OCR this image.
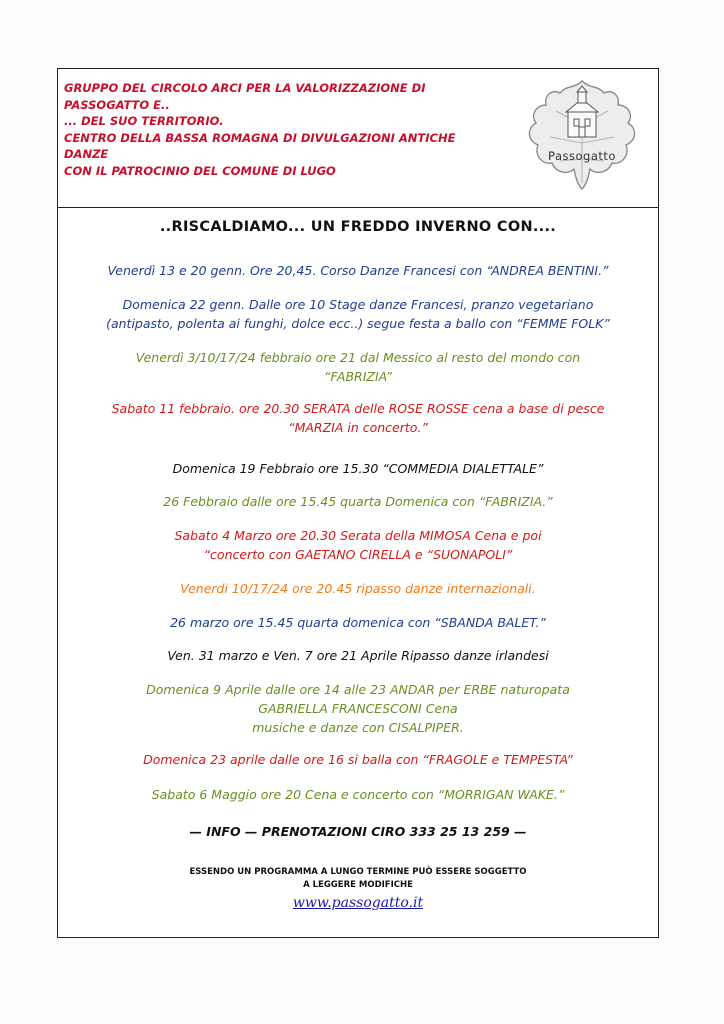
GRUPPO DEL CIRCOLO ARCI PER LA VALORIZZAZIONE DI
PASSOGATTO E..
... DEL SUO TERRITORIO.
CENTRO DELLA BASSA ROMAGNA DI DIVULGAZIONI ANTICHE
DANZE
CON IL PATROCINIO DEL COMUNE DI LUGO
Passogatto
..RISCALDIAMO... UN FREDDO INVERNO CON....
Venerdì 13 e 20 genn. Ore 20,45. Corso Danze Francesi con “ANDREA BENTINI.”
Domenica 22 genn. Dalle ore 10 Stage danze Francesi, pranzo vegetariano
(antipasto, polenta ai funghi, dolce ecc..) segue festa a ballo con “FEMME FOLK”
Venerdì 3/10/17/24 febbraio ore 21 dal Messico al resto del mondo con
“FABRIZIA”
Sabato 11 febbraio. ore 20.30 SERATA delle ROSE ROSSE cena a base di pesce
“MARZIA in concerto.”
Domenica 19 Febbraio ore 15.30 “COMMEDIA DIALETTALE”
26 Febbraio dalle ore 15.45 quarta Domenica con “FABRIZIA.”
Sabato 4 Marzo ore 20.30 Serata della MIMOSA Cena e poi
“concerto con GAETANO CIRELLA e “SUONAPOLI”
Venerdi 10/17/24 ore 20.45 ripasso danze internazionali.
26 marzo ore 15.45 quarta domenica con “SBANDA BALET.”
Ven. 31 marzo e Ven. 7 ore 21 Aprile Ripasso danze irlandesi
Domenica 9 Aprile dalle ore 14 alle 23 ANDAR per ERBE naturopata
GABRIELLA FRANCESCONI Cena
musiche e danze con CISALPIPER.
Domenica 23 aprile dalle ore 16 si balla con “FRAGOLE e TEMPESTA”
Sabato 6 Maggio ore 20 Cena e concerto con “MORRIGAN WAKE.”
— INFO — PRENOTAZIONI CIRO 333 25 13 259 —
ESSENDO UN PROGRAMMA A LUNGO TERMINE PUÒ ESSERE SOGGETTO
A LEGGERE MODIFICHE
www.passogatto.it
